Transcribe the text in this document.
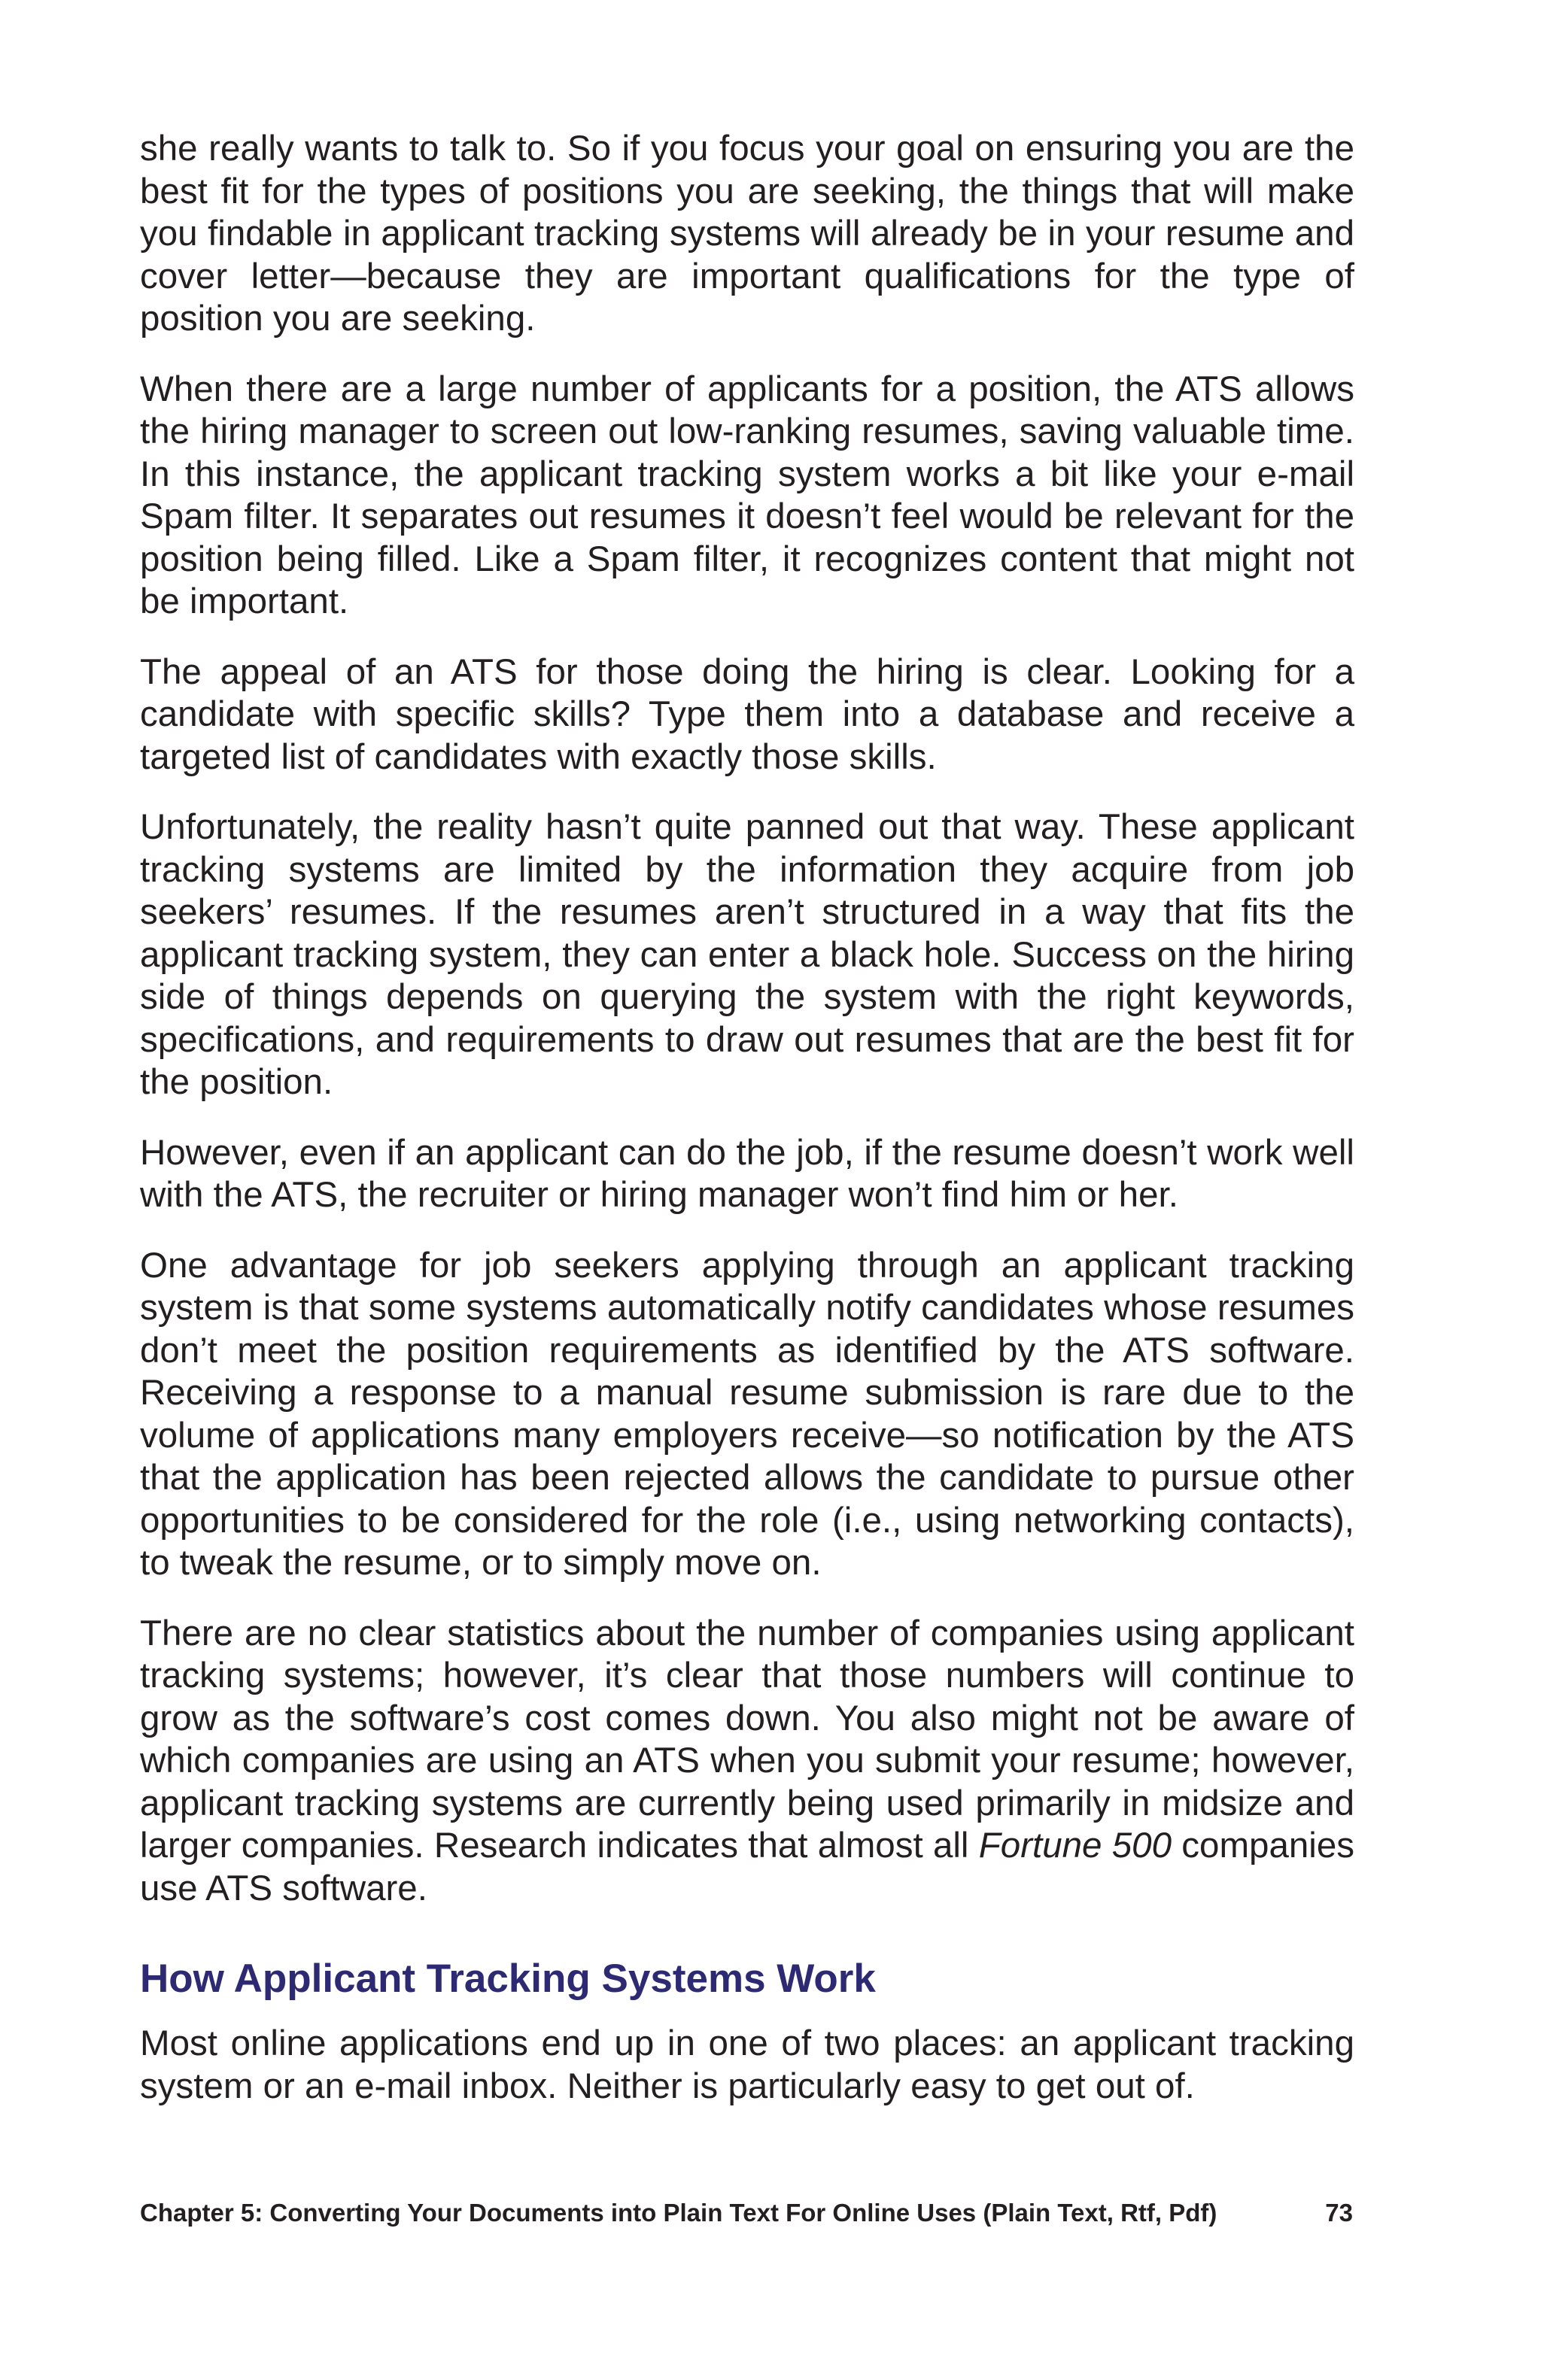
she really wants to talk to. So if you focus your goal on ensuring you are the best fit for the types of positions you are seeking, the things that will make you findable in applicant tracking systems will already be in your resume and cover letter—because they are important qualifications for the type of position you are seeking.

When there are a large number of applicants for a position, the ATS allows the hiring manager to screen out low-ranking resumes, saving valuable time. In this instance, the applicant tracking system works a bit like your e-mail Spam filter. It separates out resumes it doesn’t feel would be relevant for the position being filled. Like a Spam filter, it recognizes content that might not be important.

The appeal of an ATS for those doing the hiring is clear. Looking for a candidate with specific skills? Type them into a database and receive a targeted list of candidates with exactly those skills.

Unfortunately, the reality hasn’t quite panned out that way. These applicant tracking systems are limited by the information they acquire from job seekers’ resumes. If the resumes aren’t structured in a way that fits the applicant tracking system, they can enter a black hole. Success on the hiring side of things depends on querying the system with the right keywords, specifications, and requirements to draw out resumes that are the best fit for the position.

However, even if an applicant can do the job, if the resume doesn’t work well with the ATS, the recruiter or hiring manager won’t find him or her.

One advantage for job seekers applying through an applicant tracking system is that some systems automatically notify candidates whose resumes don’t meet the position requirements as identified by the ATS software. Receiving a response to a manual resume submission is rare due to the volume of applications many employers receive—so notification by the ATS that the application has been rejected allows the candidate to pursue other opportunities to be considered for the role (i.e., using networking contacts), to tweak the resume, or to simply move on.

There are no clear statistics about the number of companies using applicant tracking systems; however, it’s clear that those numbers will continue to grow as the software’s cost comes down. You also might not be aware of which companies are using an ATS when you submit your resume; however, applicant tracking systems are currently being used primarily in midsize and larger companies. Research indicates that almost all Fortune 500 companies use ATS software.

How Applicant Tracking Systems Work

Most online applications end up in one of two places: an applicant tracking system or an e-mail inbox. Neither is particularly easy to get out of.

Chapter 5: Converting Your Documents into Plain Text For Online Uses (Plain Text, Rtf, Pdf)	73
